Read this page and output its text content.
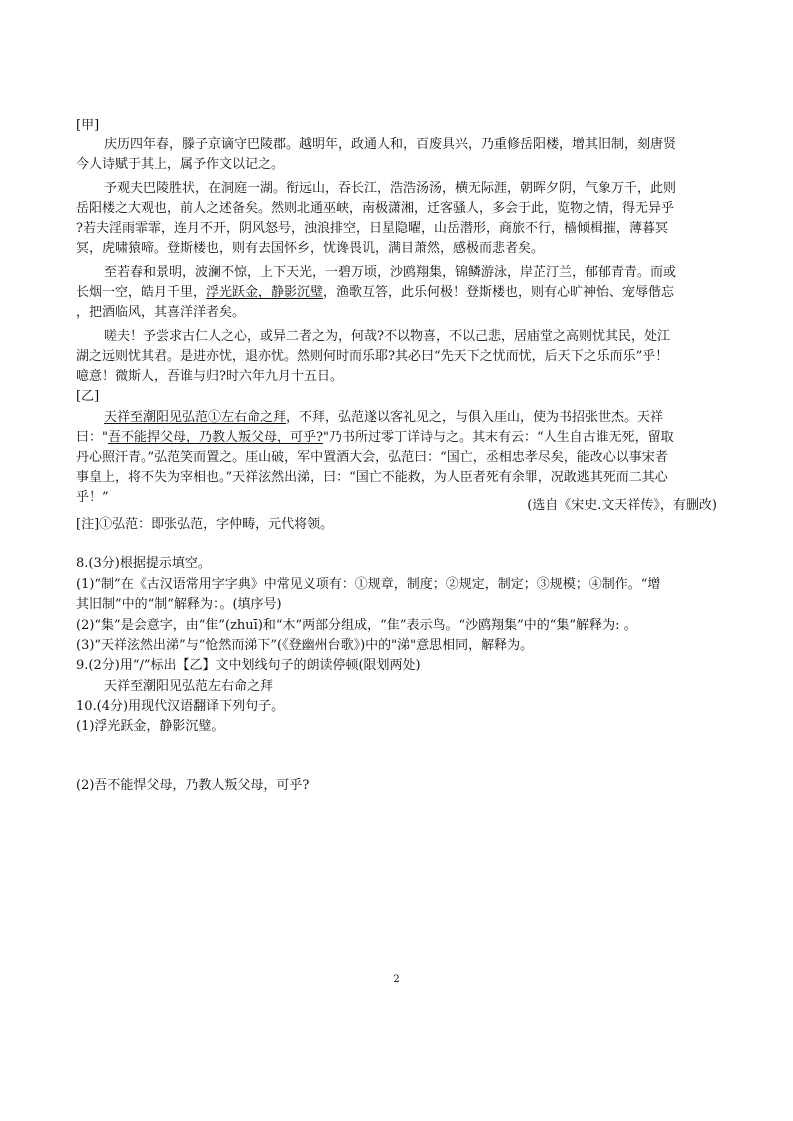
[甲]
庆历四年春，滕子京谪守巴陵郡。越明年，政通人和，百废具兴，乃重修岳阳楼，增其旧制，刻唐贤
今人诗赋于其上，属予作文以记之。
予观夫巴陵胜状，在洞庭一湖。衔远山，吞长江，浩浩汤汤，横无际涯，朝晖夕阴，气象万千，此则
岳阳楼之大观也，前人之述备矣。然则北通巫峡，南极潇湘，迁客骚人，多会于此，览物之情，得无异乎
?若夫淫雨霏霏，连月不开，阴风怒号，浊浪排空，日星隐曜，山岳潜形，商旅不行，樯倾楫摧，薄暮冥
冥，虎啸猿啼。登斯楼也，则有去国怀乡，忧谗畏讥，满目萧然，感极而悲者矣。
至若春和景明，波澜不惊，上下天光，一碧万顷，沙鸥翔集，锦鳞游泳，岸芷汀兰，郁郁青青。而或
长烟一空，皓月千里，浮光跃金，静影沉璧，渔歌互答，此乐何极！登斯楼也，则有心旷神怡、宠辱偕忘
，把酒临风，其喜洋洋者矣。
嗟夫！予尝求古仁人之心，或异二者之为，何哉?不以物喜，不以己悲，居庙堂之高则忧其民，处江
湖之远则忧其君。是进亦忧，退亦忧。然则何时而乐耶?其必曰“先天下之忧而忧，后天下之乐而乐”乎！
噫意！微斯人，吾谁与归?时六年九月十五日。
[乙]
天祥至潮阳见弘范①左右命之拜，不拜，弘范遂以客礼见之，与俱入厓山，使为书招张世杰。天祥
曰："吾不能捍父母，乃教人叛父母，可乎?"乃书所过零丁详诗与之。其末有云：“人生自古谁无死，留取
丹心照汗青。”弘范笑而置之。厓山破，军中置酒大会，弘范曰：“国亡，丞相忠孝尽矣，能改心以事宋者
事皇上，将不失为宰相也。”天祥泫然出涕，曰：“国亡不能救，为人臣者死有余罪，况敢逃其死而二其心
乎！”
(选自《宋史.文天祥传》，有删改)
[注]①弘范：即张弘范，字仲畴，元代将领。
8.(3分)根据提示填空。
(1)“制”在《古汉语常用字字典》中常见义项有：①规章，制度；②规定，制定；③规模；④制作。“增
其旧制”中的“制”解释为：。(填序号)
(2)“集”是会意字，由“隹”(zhuī)和“木”两部分组成，“隹”表示鸟。“沙鸥翔集”中的“集”解释为: 。
(3)“天祥泫然出涕”与“怆然而涕下”(《登幽州台歌》)中的"涕"意思相同，解释为。
9.(2分)用“/”标出【乙】文中划线句子的朗读停顿(限划两处)
天祥至潮阳见弘范左右命之拜
10.(4分)用现代汉语翻译下列句子。
(1)浮光跃金，静影沉璧。
(2)吾不能悍父母，乃教人叛父母，可乎?
2
